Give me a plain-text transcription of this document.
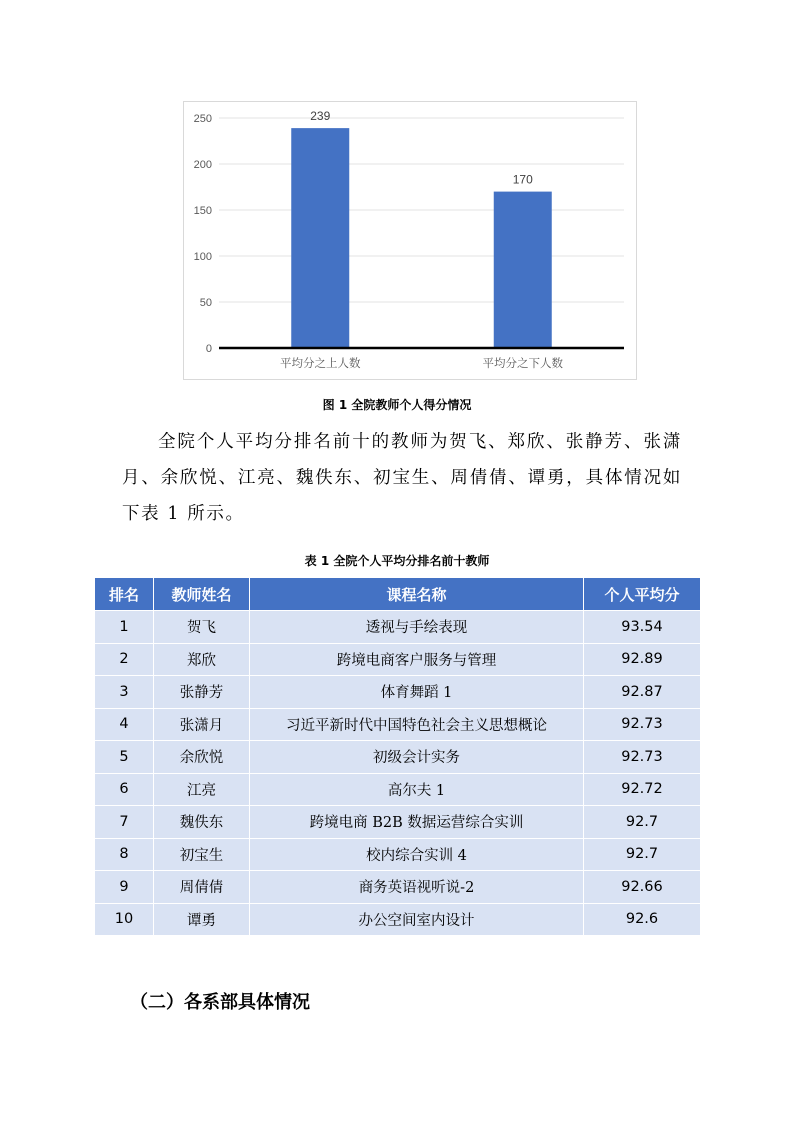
0
50
100
150
200
250	239
平均分之上人数
170
平均分之下人数
图 1 全院教师个人得分情况
全院个人平均分排名前十的教师为贺飞、郑欣、张静芳、张潇月、余欣悦、江亮、魏佚东、初宝生、周倩倩、谭勇，具体情况如下表 1 所示。
表 1 全院个人平均分排名前十教师
排名	教师姓名	课程名称	个人平均分
1	贺飞	透视与手绘表现	93.54
2	郑欣	跨境电商客户服务与管理	92.89
3	张静芳	体育舞蹈 1	92.87
4	张潇月	习近平新时代中国特色社会主义思想概论	92.73
5	余欣悦	初级会计实务	92.73
6	江亮	高尔夫 1	92.72
7	魏佚东	跨境电商 B2B 数据运营综合实训	92.7
8	初宝生	校内综合实训 4	92.7
9	周倩倩	商务英语视听说-2	92.66
10	谭勇	办公空间室内设计	92.6
（二）各系部具体情况
